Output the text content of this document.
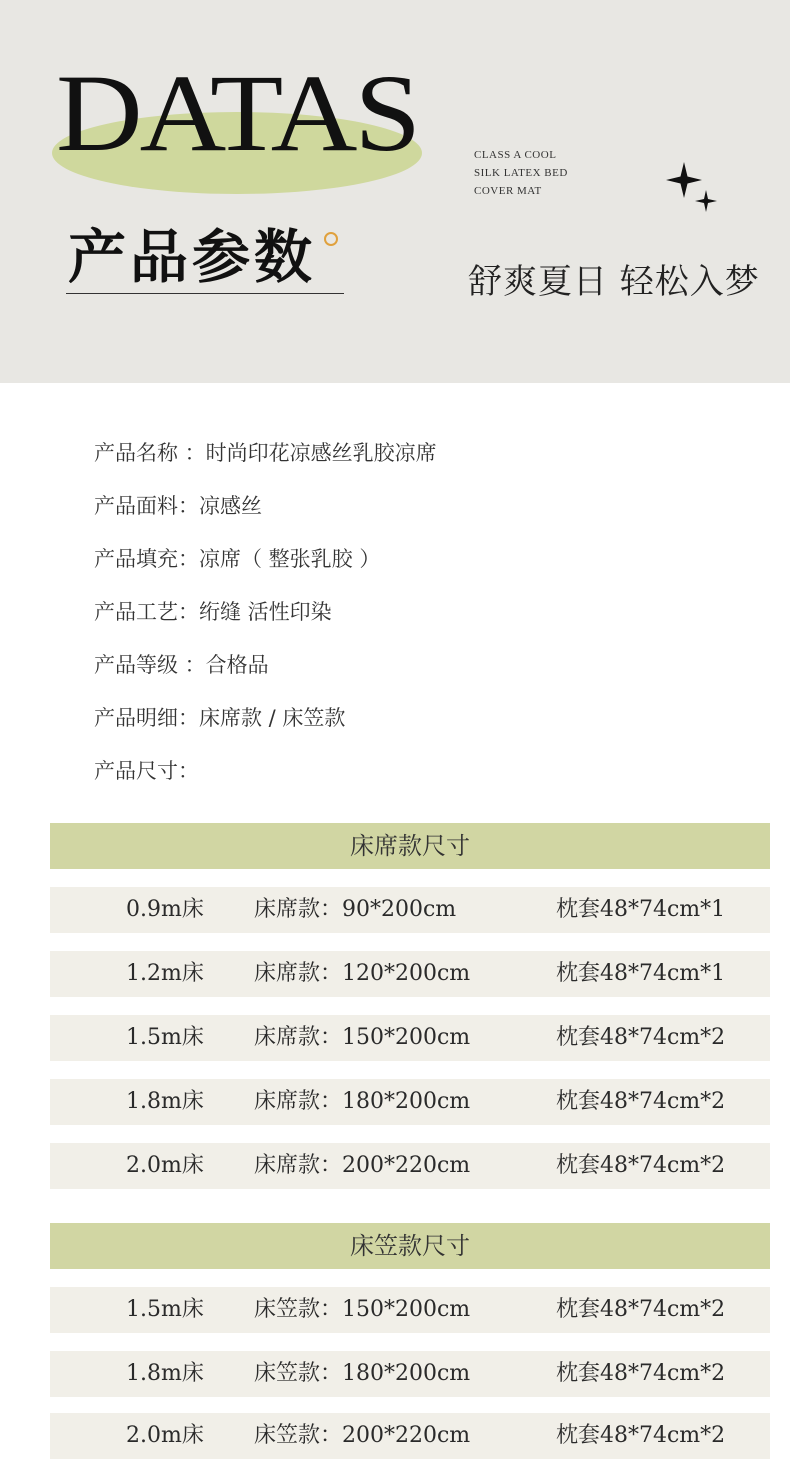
DATAS
产品参数
CLASS A COOL
SILK LATEX BED
COVER MAT
舒爽夏日 轻松入梦
产品名称 ：时尚印花凉感丝乳胶凉席
产品面料：凉感丝
产品填充：凉席（ 整张乳胶 ）
产品工艺：绗缝 活性印染
产品等级 ：合格品
产品明细：床席款 / 床笠款
产品尺寸：
床席款尺寸
0.9m床 床席款：90*200cm	枕套48*74cm*1
1.2m床 床席款：120*200cm	枕套48*74cm*1
1.5m床 床席款：150*200cm	枕套48*74cm*2
1.8m床 床席款：180*200cm	枕套48*74cm*2
2.0m床 床席款：200*220cm	枕套48*74cm*2
床笠款尺寸
1.5m床 床笠款：150*200cm	枕套48*74cm*2
1.8m床 床笠款：180*200cm	枕套48*74cm*2
2.0m床 床笠款：200*220cm	枕套48*74cm*2
